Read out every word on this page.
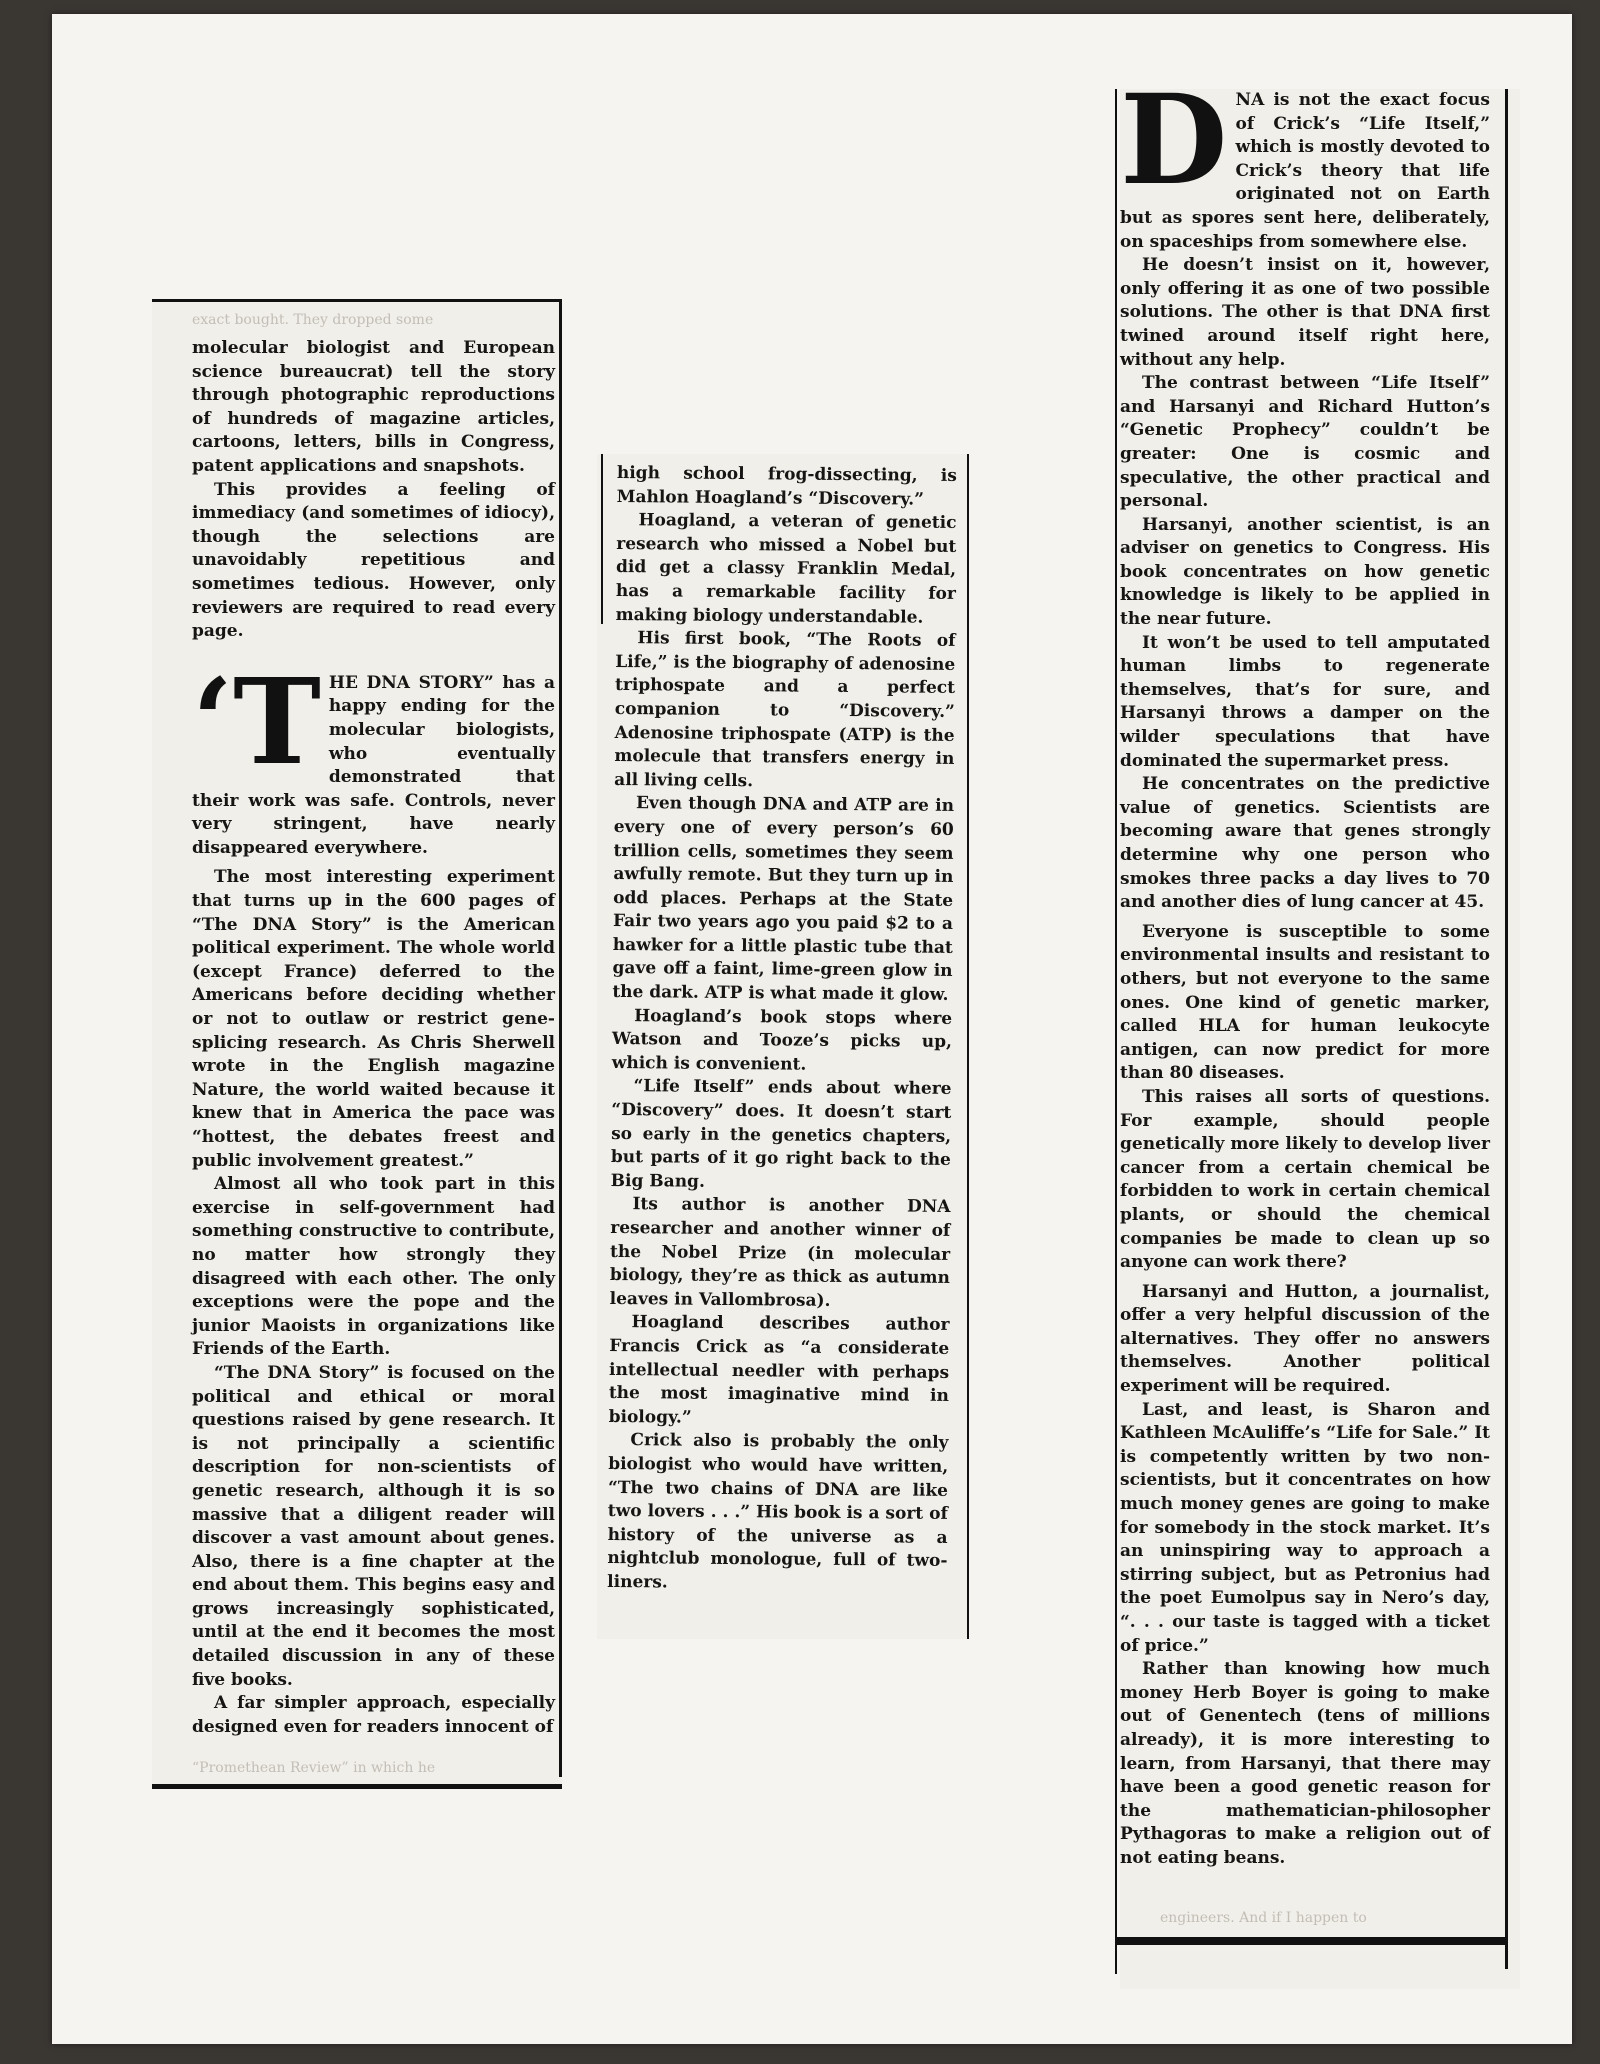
exact bought. They dropped some

molecular biologist and European science bureaucrat) tell the story through photographic reproductions of hundreds of magazine articles, cartoons, letters, bills in Congress, patent applications and snapshots.

This provides a feeling of immediacy (and sometimes of idiocy), though the selections are unavoidably repetitious and sometimes tedious. However, only reviewers are required to read every page.

‘T HE DNA STORY” has a happy ending for the molecular biologists, who eventually demonstrated that their work was safe. Controls, never very stringent, have nearly disappeared everywhere.

The most interesting experiment that turns up in the 600 pages of “The DNA Story” is the American political experiment. The whole world (except France) deferred to the Americans before deciding whether or not to outlaw or restrict gene-splicing research. As Chris Sherwell wrote in the English magazine Nature, the world waited because it knew that in America the pace was “hottest, the debates freest and public involvement greatest.”

Almost all who took part in this exercise in self-government had something constructive to contribute, no matter how strongly they disagreed with each other. The only exceptions were the pope and the junior Maoists in organizations like Friends of the Earth.

“The DNA Story” is focused on the political and ethical or moral questions raised by gene research. It is not principally a scientific description for non-scientists of genetic research, although it is so massive that a diligent reader will discover a vast amount about genes. Also, there is a fine chapter at the end about them. This begins easy and grows increasingly sophisticated, until at the end it becomes the most detailed discussion in any of these five books.

A far simpler approach, especially designed even for readers innocent of

“Promethean Review” in which he

high school frog-dissecting, is Mahlon Hoagland’s “Discovery.”

Hoagland, a veteran of genetic research who missed a Nobel but did get a classy Franklin Medal, has a remarkable facility for making biology understandable.

His first book, “The Roots of Life,” is the biography of adenosine triphospate and a perfect companion to “Discovery.” Adenosine triphospate (ATP) is the molecule that transfers energy in all living cells.

Even though DNA and ATP are in every one of every person’s 60 trillion cells, sometimes they seem awfully remote. But they turn up in odd places. Perhaps at the State Fair two years ago you paid $2 to a hawker for a little plastic tube that gave off a faint, lime-green glow in the dark. ATP is what made it glow.

Hoagland’s book stops where Watson and Tooze’s picks up, which is convenient.

“Life Itself” ends about where “Discovery” does. It doesn’t start so early in the genetics chapters, but parts of it go right back to the Big Bang.

Its author is another DNA researcher and another winner of the Nobel Prize (in molecular biology, they’re as thick as autumn leaves in Vallombrosa).

Hoagland describes author Francis Crick as “a considerate intellectual needler with perhaps the most imaginative mind in biology.”

Crick also is probably the only biologist who would have written, “The two chains of DNA are like two lovers . . .” His book is a sort of history of the universe as a nightclub monologue, full of two-liners.

engineers. And if I happen to
D NA is not the exact focus of Crick’s “Life Itself,” which is mostly devoted to Crick’s theory that life originated not on Earth but as spores sent here, deliberately, on spaceships from somewhere else.

He doesn’t insist on it, however, only offering it as one of two possible solutions. The other is that DNA first twined around itself right here, without any help.

The contrast between “Life Itself” and Harsanyi and Richard Hutton’s “Genetic Prophecy” couldn’t be greater: One is cosmic and speculative, the other practical and personal.

Harsanyi, another scientist, is an adviser on genetics to Congress. His book concentrates on how genetic knowledge is likely to be applied in the near future.

It won’t be used to tell amputated human limbs to regenerate themselves, that’s for sure, and Harsanyi throws a damper on the wilder speculations that have dominated the supermarket press.

He concentrates on the predictive value of genetics. Scientists are becoming aware that genes strongly determine why one person who smokes three packs a day lives to 70 and another dies of lung cancer at 45.

Everyone is susceptible to some environmental insults and resistant to others, but not everyone to the same ones. One kind of genetic marker, called HLA for human leukocyte antigen, can now predict for more than 80 diseases.

This raises all sorts of questions. For example, should people genetically more likely to develop liver cancer from a certain chemical be forbidden to work in certain chemical plants, or should the chemical companies be made to clean up so anyone can work there?

Harsanyi and Hutton, a journalist, offer a very helpful discussion of the alternatives. They offer no answers themselves. Another political experiment will be required.

Last, and least, is Sharon and Kathleen McAuliffe’s “Life for Sale.” It is competently written by two non-scientists, but it concentrates on how much money genes are going to make for somebody in the stock market. It’s an uninspiring way to approach a stirring subject, but as Petronius had the poet Eumolpus say in Nero’s day, “. . . our taste is tagged with a ticket of price.”

Rather than knowing how much money Herb Boyer is going to make out of Genentech (tens of millions already), it is more interesting to learn, from Harsanyi, that there may have been a good genetic reason for the mathematician-philosopher Pythagoras to make a religion out of not eating beans.
